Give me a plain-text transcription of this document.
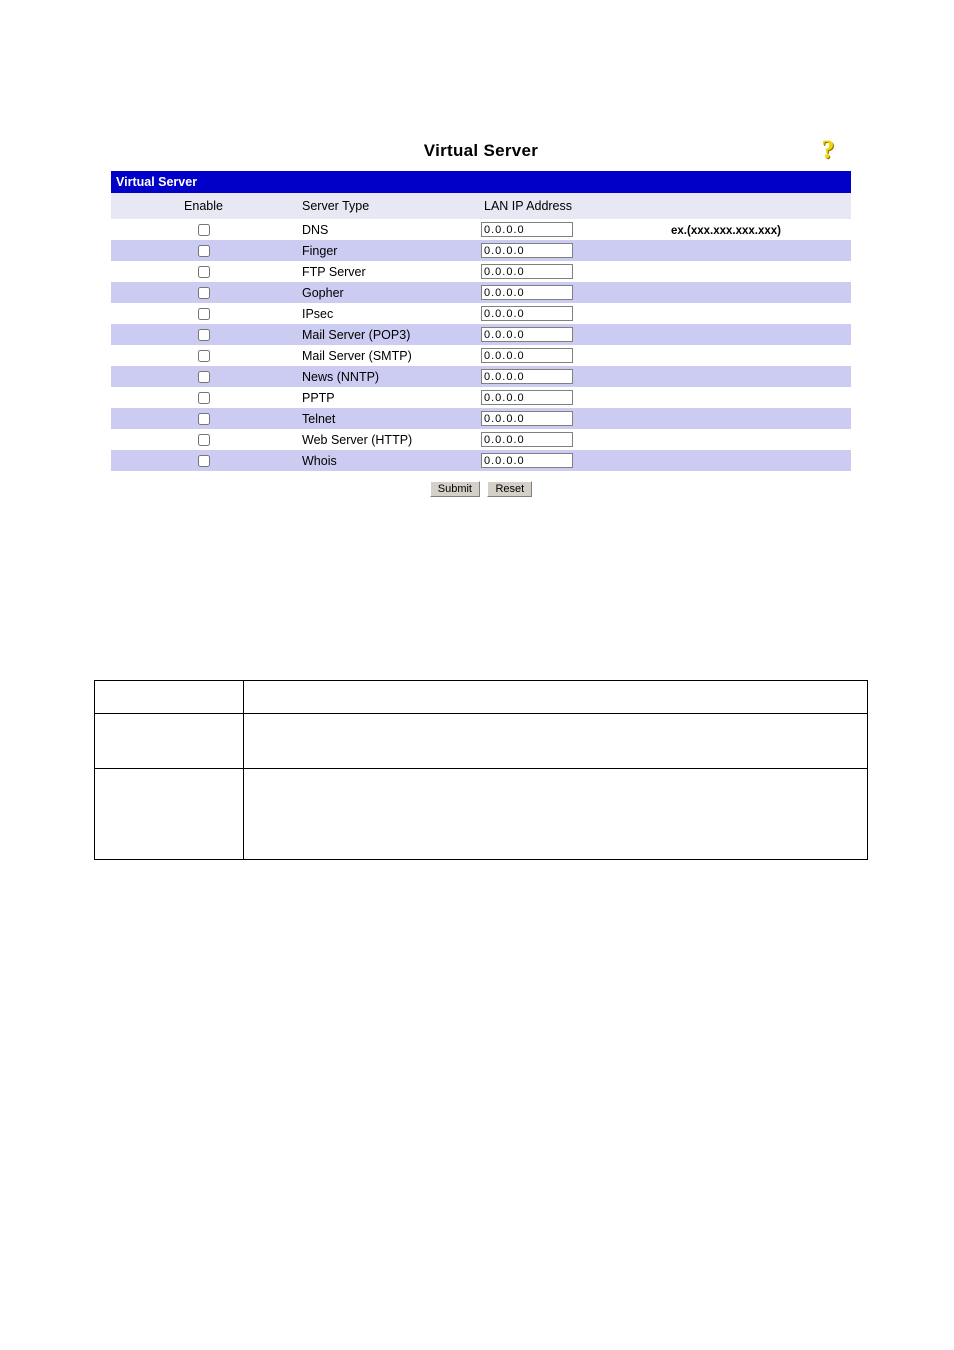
Virtual Server	?
Virtual Server			
Enable	Server Type	LAN IP Address	
	DNS	0.0.0.0	ex.(xxx.xxx.xxx.xxx)
	Finger	0.0.0.0	
	FTP Server	0.0.0.0	
	Gopher	0.0.0.0	
	IPsec	0.0.0.0	
	Mail Server (POP3)	0.0.0.0	
	Mail Server (SMTP)	0.0.0.0	
	News (NNTP)	0.0.0.0	
	PPTP	0.0.0.0	
	Telnet	0.0.0.0	
	Web Server (HTTP)	0.0.0.0	
	Whois	0.0.0.0	
Submit Reset			
